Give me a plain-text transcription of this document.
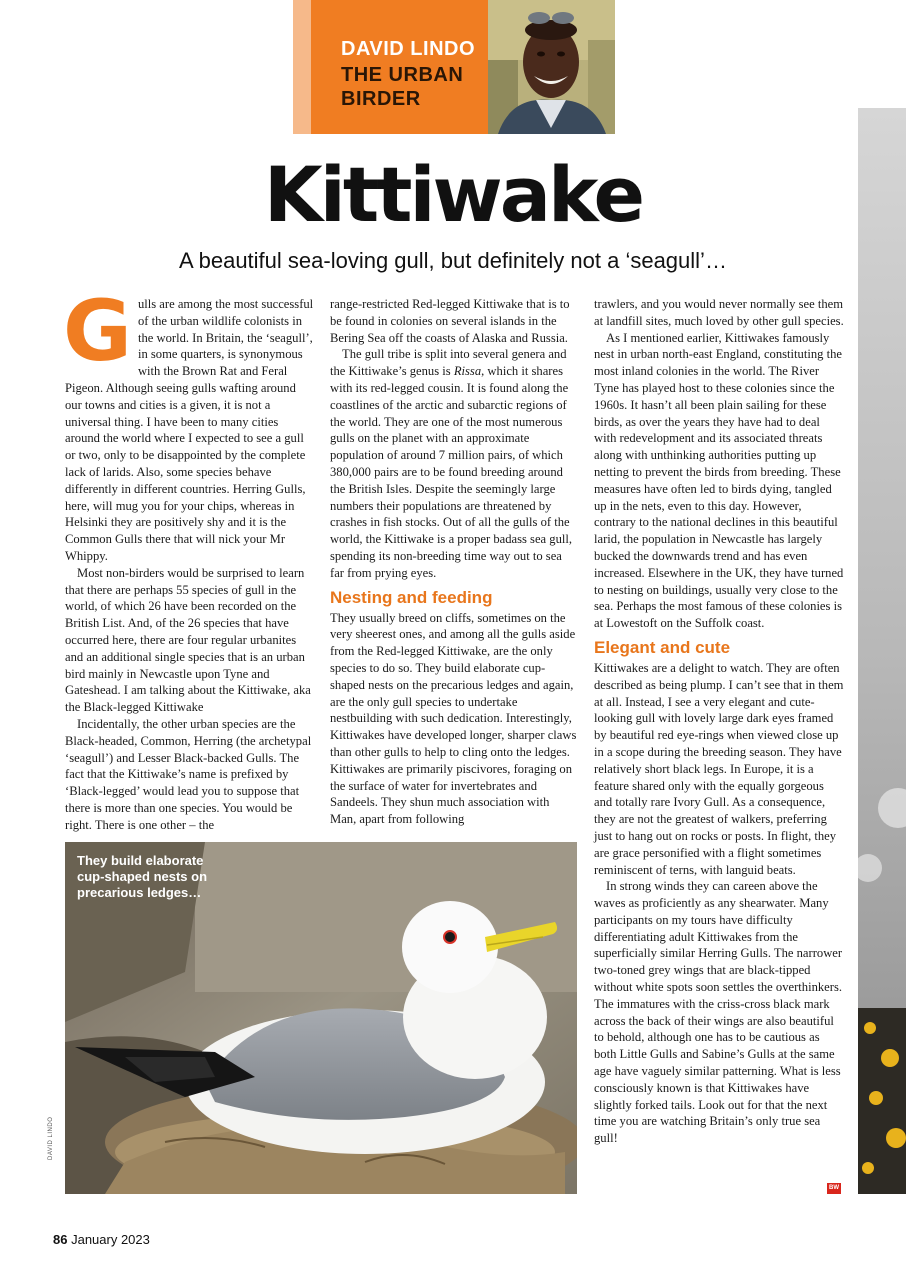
DAVID LINDO
THE URBAN
BIRDER
Kittiwake
A beautiful sea-loving gull, but definitely not a ‘seagull’…

Gulls are among the most successful of the urban wildlife colonists in the world. In Britain, the ‘seagull’, in some quarters, is synonymous with the Brown Rat and Feral Pigeon. Although seeing gulls wafting around our towns and cities is a given, it is not a universal thing. I have been to many cities around the world where I expected to see a gull or two, only to be disappointed by the complete lack of larids. Also, some species behave differently in different countries. Herring Gulls, here, will mug you for your chips, whereas in Helsinki they are positively shy and it is the Common Gulls there that will nick your Mr Whippy.

Most non-birders would be surprised to learn that there are perhaps 55 species of gull in the world, of which 26 have been recorded on the British List. And, of the 26 species that have occurred here, there are four regular urbanites and an additional single species that is an urban bird mainly in Newcastle upon Tyne and Gateshead. I am talking about the Kittiwake, aka the Black-legged Kittiwake

Incidentally, the other urban species are the Black-headed, Common, Herring (the archetypal ‘seagull’) and Lesser Black-backed Gulls. The fact that the Kittiwake’s name is prefixed by ‘Black-legged’ would lead you to suppose that there is more than one species. You would be right. There is one other – the

range-restricted Red-legged Kittiwake that is to be found in colonies on several islands in the Bering Sea off the coasts of Alaska and Russia.

The gull tribe is split into several genera and the Kittiwake’s genus is Rissa, which it shares with its red-legged cousin. It is found along the coastlines of the arctic and subarctic regions of the world. They are one of the most numerous gulls on the planet with an approximate population of around 7 million pairs, of which 380,000 pairs are to be found breeding around the British Isles. Despite the seemingly large numbers their populations are threatened by crashes in fish stocks. Out of all the gulls of the world, the Kittiwake is a proper badass sea gull, spending its non-breeding time way out to sea far from prying eyes.

Nesting and feeding

They usually breed on cliffs, sometimes on the very sheerest ones, and among all the gulls aside from the Red-legged Kittiwake, are the only species to do so. They build elaborate cup-shaped nests on the precarious ledges and again, are the only gull species to undertake nestbuilding with such dedication. Interestingly, Kittiwakes have developed longer, sharper claws than other gulls to help to cling onto the ledges. Kittiwakes are primarily piscivores, foraging on the surface of water for invertebrates and Sandeels. They shun much association with Man, apart from following

trawlers, and you would never normally see them at landfill sites, much loved by other gull species.

As I mentioned earlier, Kittiwakes famously nest in urban north-east England, constituting the most inland colonies in the world. The River Tyne has played host to these colonies since the 1960s. It hasn’t all been plain sailing for these birds, as over the years they have had to deal with redevelopment and its associated threats along with unthinking authorities putting up netting to prevent the birds from breeding. These measures have often led to birds dying, tangled up in the nets, even to this day. However, contrary to the national declines in this beautiful larid, the population in Newcastle has largely bucked the downwards trend and has even increased. Elsewhere in the UK, they have turned to nesting on buildings, usually very close to the sea. Perhaps the most famous of these colonies is at Lowestoft on the Suffolk coast.

Elegant and cute

Kittiwakes are a delight to watch. They are often described as being plump. I can’t see that in them at all. Instead, I see a very elegant and cute-looking gull with lovely large dark eyes framed by beautiful red eye-rings when viewed close up in a scope during the breeding season. They have relatively short black legs. In Europe, it is a feature shared only with the equally gorgeous and totally rare Ivory Gull. As a consequence, they are not the greatest of walkers, preferring just to hang out on rocks or posts. In flight, they are grace personified with a flight sometimes reminiscent of terns, with languid beats.

In strong winds they can careen above the waves as proficiently as any shearwater. Many participants on my tours have difficulty differentiating adult Kittiwakes from the superficially similar Herring Gulls. The narrower two-toned grey wings that are black-tipped without white spots soon settles the overthinkers. The immatures with the criss-cross black mark across the back of their wings are also beautiful to behold, although one has to be cautious as both Little Gulls and Sabine’s Gulls at the same age have vaguely similar patterning. What is less consciously known is that Kittiwakes have slightly forked tails. Look out for that the next time you are watching Britain’s only true sea gull!

They build elaborate cup-shaped nests on precarious ledges…
DAVID LINDO
BW
86 January 2023
